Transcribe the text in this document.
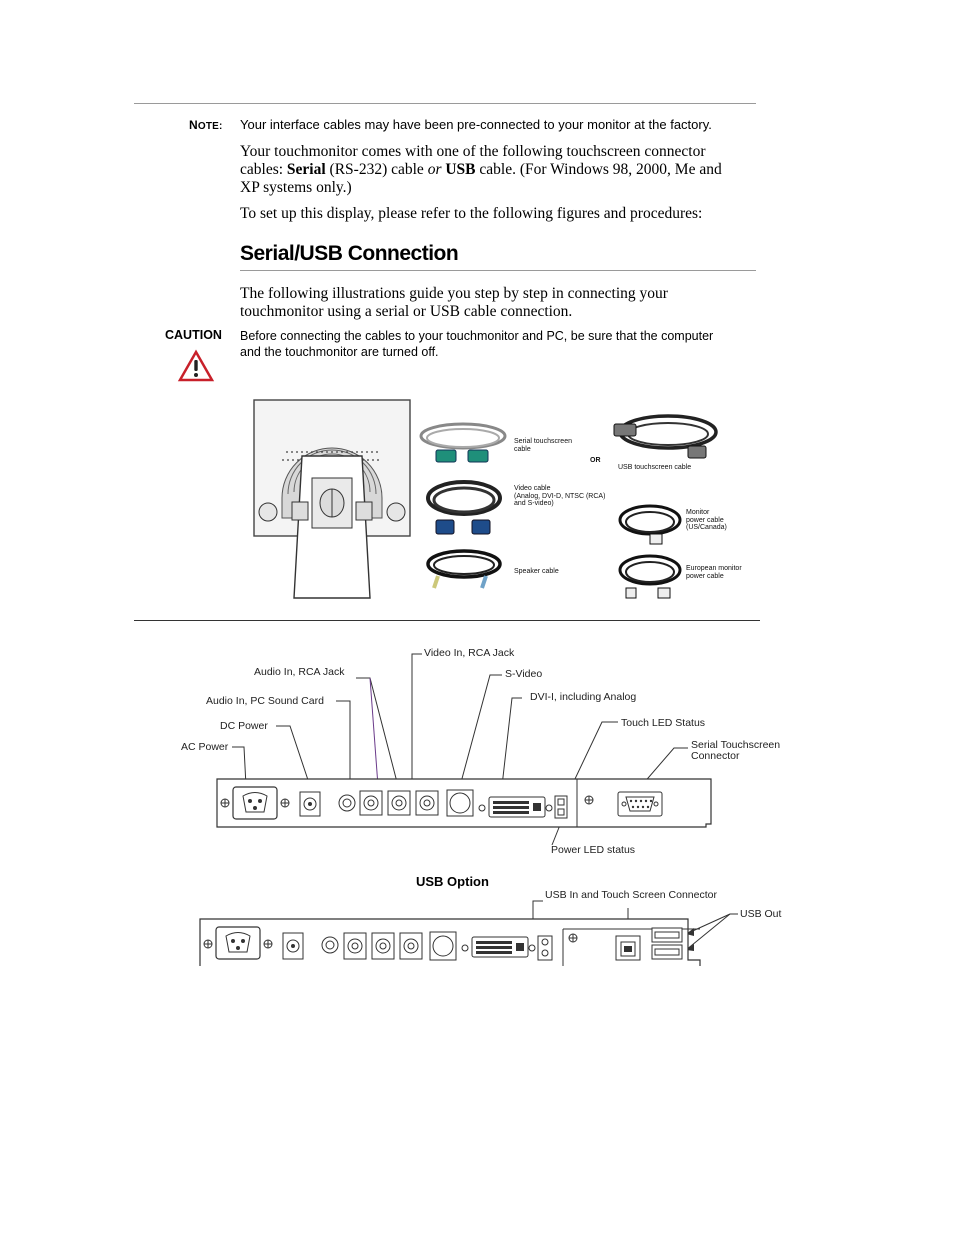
NOTE: Your interface cables may have been pre-connected to your monitor at the factory.
Your touchmonitor comes with one of the following touchscreen connector
cables: Serial (RS-232) cable or USB cable. (For Windows 98, 2000, Me and
XP systems only.)
To set up this display, please refer to the following figures and procedures:
Serial/USB Connection
The following illustrations guide you step by step in connecting your
touchmonitor using a serial or USB cable connection.
CAUTION Before connecting the cables to your touchmonitor and PC, be sure that the computer
and the touchmonitor are turned off.
Serial touchscreen
cable
OR
USB touchscreen cable
Video cable
(Analog, DVI-D, NTSC (RCA)
and S-video)
Monitor
power cable
(US/Canada)
Speaker cable	European monitor
power cable
Audio In, RCA Jack
Audio In, PC Sound Card
DC Power
AC Power
Video In, RCA Jack
S-Video
DVI-I, including Analog
Touch LED Status
Serial Touchscreen
Connector
Power LED status
USB Option
USB In and Touch Screen Connector
USB Out
